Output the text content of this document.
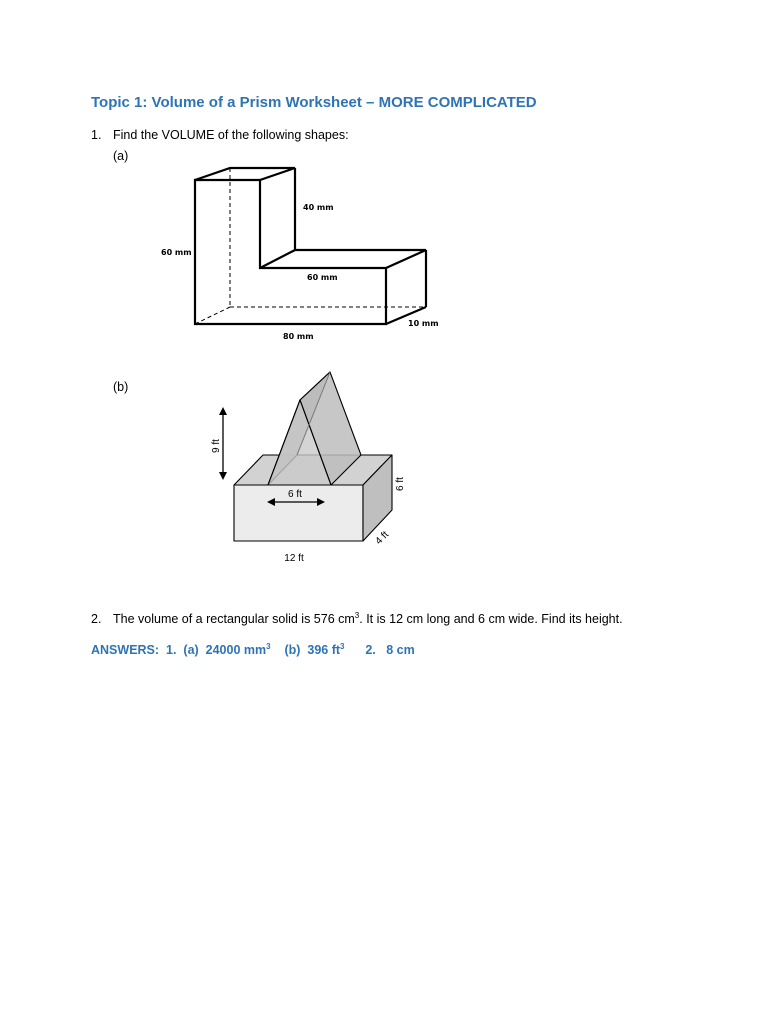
Topic 1: Volume of a Prism Worksheet – MORE COMPLICATED
1. Find the VOLUME of the following shapes:
(a)
40 mm
60 mm
60 mm
80 mm
10 mm
(b)
9 ft
6 ft
6 ft
12 ft
4 ft
2. The volume of a rectangular solid is 576 $cm^3$. It is 12 cm long and 6 cm wide. Find its height.
ANSWERS: 1. (a) 24000 $mm^3$ (b) 396 $ft^3$ 2. 8 cm
